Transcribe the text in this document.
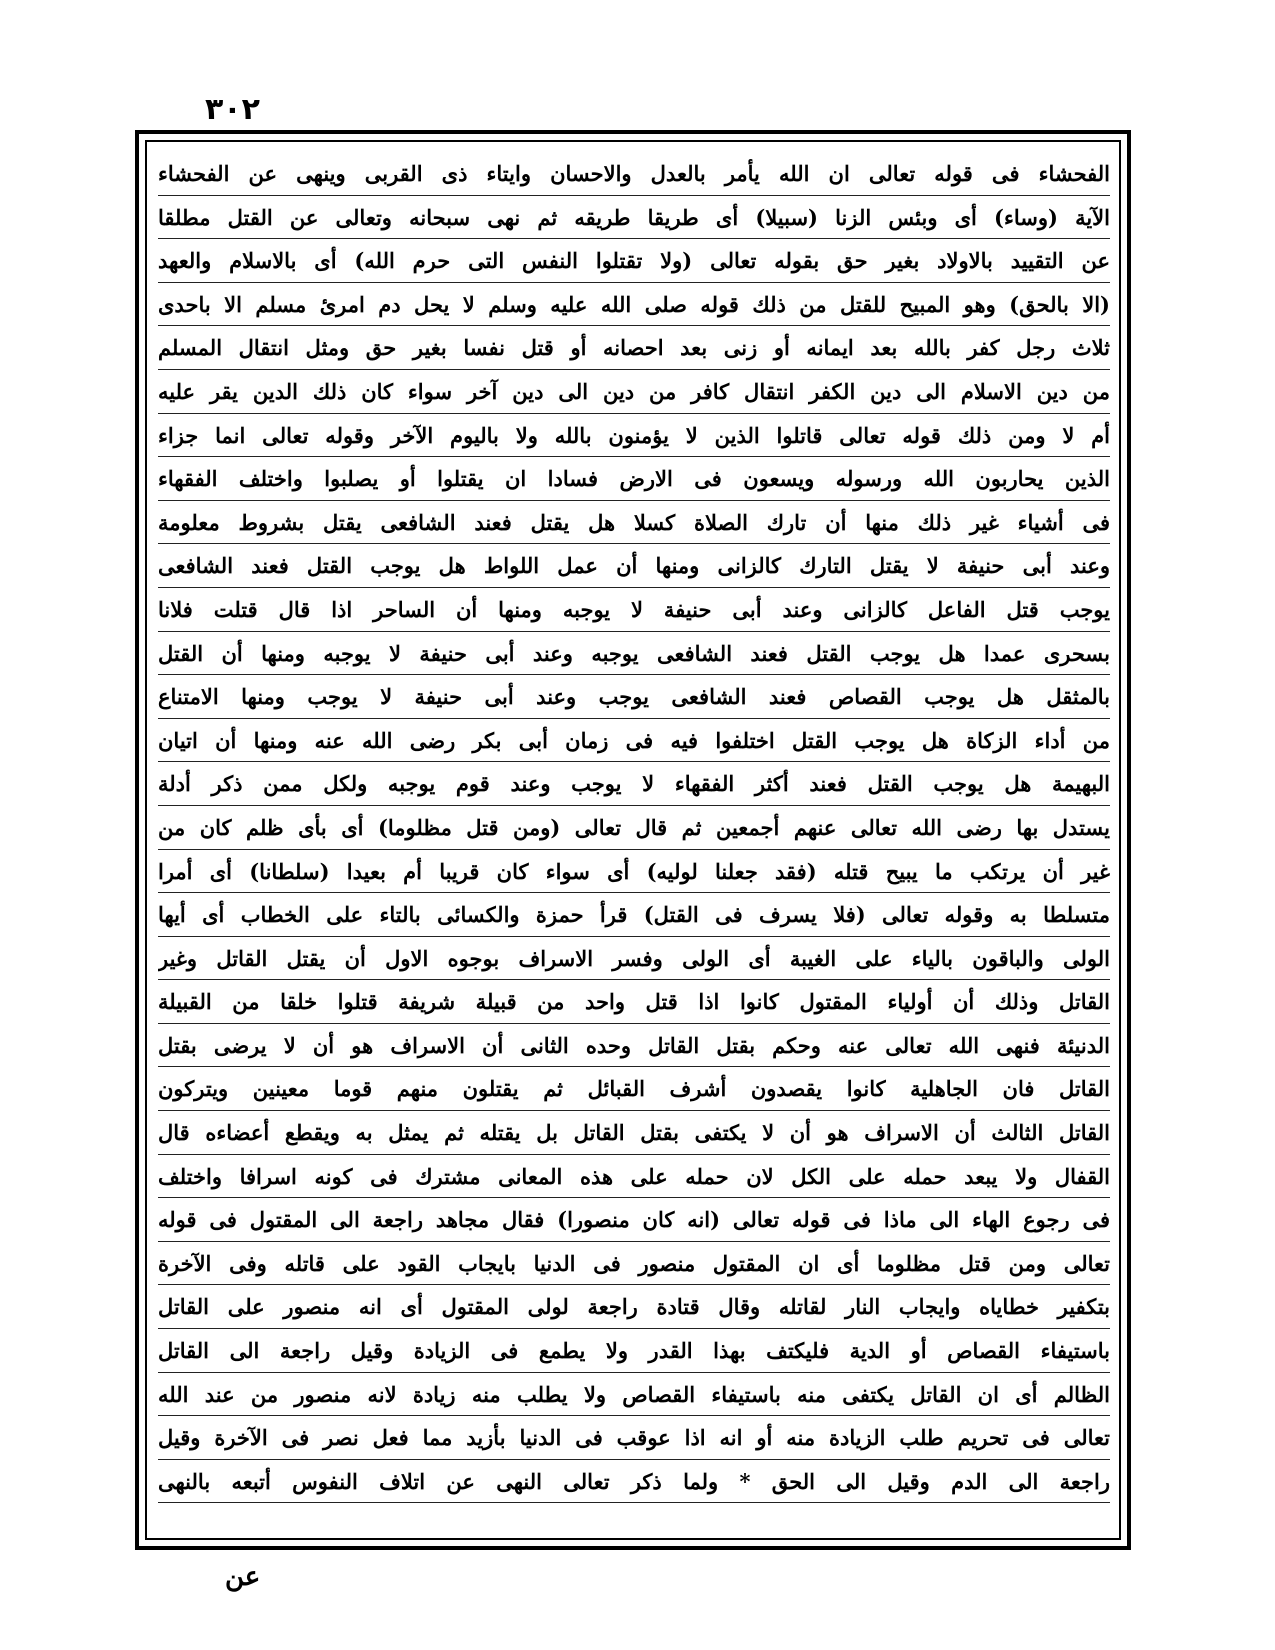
٣٠٢
الفحشاء فى قوله تعالى ان الله يأمر بالعدل والاحسان وايتاء ذى القربى وينهى عن الفحشاء
الآية (وساء) أى وبئس الزنا (سبيلا) أى طريقا طريقه ثم نهى سبحانه وتعالى عن القتل مطلقا
عن التقييد بالاولاد بغير حق بقوله تعالى (ولا تقتلوا النفس التى حرم الله) أى بالاسلام والعهد
(الا بالحق) وهو المبيح للقتل من ذلك قوله صلى الله عليه وسلم لا يحل دم امرئ مسلم الا باحدى
ثلاث رجل كفر بالله بعد ايمانه أو زنى بعد احصانه أو قتل نفسا بغير حق ومثل انتقال المسلم
من دين الاسلام الى دين الكفر انتقال كافر من دين الى دين آخر سواء كان ذلك الدين يقر عليه
أم لا ومن ذلك قوله تعالى قاتلوا الذين لا يؤمنون بالله ولا باليوم الآخر وقوله تعالى انما جزاء
الذين يحاربون الله ورسوله ويسعون فى الارض فسادا ان يقتلوا أو يصلبوا واختلف الفقهاء
فى أشياء غير ذلك منها أن تارك الصلاة كسلا هل يقتل فعند الشافعى يقتل بشروط معلومة
وعند أبى حنيفة لا يقتل التارك كالزانى ومنها أن عمل اللواط هل يوجب القتل فعند الشافعى
يوجب قتل الفاعل كالزانى وعند أبى حنيفة لا يوجبه ومنها أن الساحر اذا قال قتلت فلانا
بسحرى عمدا هل يوجب القتل فعند الشافعى يوجبه وعند أبى حنيفة لا يوجبه ومنها أن القتل
بالمثقل هل يوجب القصاص فعند الشافعى يوجب وعند أبى حنيفة لا يوجب ومنها الامتناع
من أداء الزكاة هل يوجب القتل اختلفوا فيه فى زمان أبى بكر رضى الله عنه ومنها أن اتيان
البهيمة هل يوجب القتل فعند أكثر الفقهاء لا يوجب وعند قوم يوجبه ولكل ممن ذكر أدلة
يستدل بها رضى الله تعالى عنهم أجمعين ثم قال تعالى (ومن قتل مظلوما) أى بأى ظلم كان من
غير أن يرتكب ما يبيح قتله (فقد جعلنا لوليه) أى سواء كان قريبا أم بعيدا (سلطانا) أى أمرا
متسلطا به وقوله تعالى (فلا يسرف فى القتل) قرأ حمزة والكسائى بالتاء على الخطاب أى أيها
الولى والباقون بالياء على الغيبة أى الولى وفسر الاسراف بوجوه الاول أن يقتل القاتل وغير
القاتل وذلك أن أولياء المقتول كانوا اذا قتل واحد من قبيلة شريفة قتلوا خلقا من القبيلة
الدنيئة فنهى الله تعالى عنه وحكم بقتل القاتل وحده الثانى أن الاسراف هو أن لا يرضى بقتل
القاتل فان الجاهلية كانوا يقصدون أشرف القبائل ثم يقتلون منهم قوما معينين ويتركون
القاتل الثالث أن الاسراف هو أن لا يكتفى بقتل القاتل بل يقتله ثم يمثل به ويقطع أعضاءه قال
القفال ولا يبعد حمله على الكل لان حمله على هذه المعانى مشترك فى كونه اسرافا واختلف
فى رجوع الهاء الى ماذا فى قوله تعالى (انه كان منصورا) فقال مجاهد راجعة الى المقتول فى قوله
تعالى ومن قتل مظلوما أى ان المقتول منصور فى الدنيا بايجاب القود على قاتله وفى الآخرة
بتكفير خطاياه وايجاب النار لقاتله وقال قتادة راجعة لولى المقتول أى انه منصور على القاتل
باستيفاء القصاص أو الدية فليكتف بهذا القدر ولا يطمع فى الزيادة وقيل راجعة الى القاتل
الظالم أى ان القاتل يكتفى منه باستيفاء القصاص ولا يطلب منه زيادة لانه منصور من عند الله
تعالى فى تحريم طلب الزيادة منه أو انه اذا عوقب فى الدنيا بأزيد مما فعل نصر فى الآخرة وقيل
راجعة الى الدم وقيل الى الحق * ولما ذكر تعالى النهى عن اتلاف النفوس أتبعه بالنهى
عن
